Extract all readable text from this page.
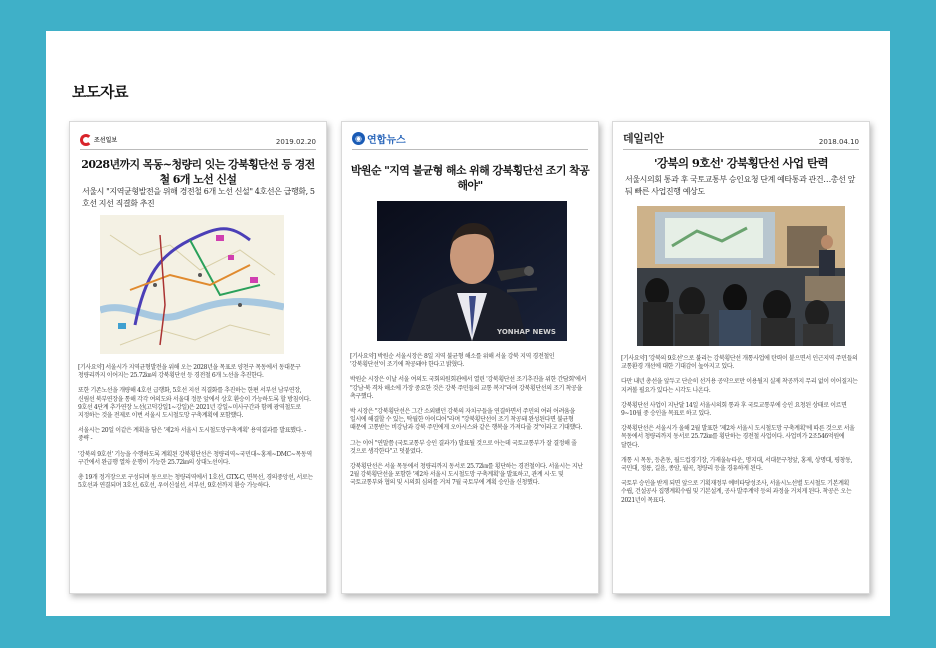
보도자료
조선일보	2019.02.20
2028년까지 목동~청량리 잇는 강북횡단선 등 경전철 6개 노선 신설
서울시 "지역균형발전을 위해 경전철 6개 노선 신설" 4호선은 급행화, 5호선 지선 직결화 추진

[기사요약] 서울시가 지역균형발전을 위해 오는 2028년을 목표로 양천구 목동에서 동대문구 청량리까지 이어지는 25.72㎞의 강북횡단선 등 경전철 6개 노선을 추진한다.

또한 기존노선을 개량해 4호선 급행화, 5호선 지선 직결화를 추진하는 한편 서부선 남부연장, 신림선 북부연장을 통해 각각 여의도와 서울대 정문 앞에서 상호 환승이 가능하도록 할 방침이다. 9호선 4단계 추가연장 노선(고덕강일1~강일)은 2021년 강일~미사구간과 함께 광역철도로 지정하는 것을 전제로 이번 서울시 도시철도망 구축계획에 포함했다.

서울시는 20일 이같은 계획을 담은 '제2차 서울시 도시철도망구축계획' 용역결과를 발표했다. - 중략 -

'강북의 9호선' 기능을 수행하도록 계획된 강북횡단선은 청량리역~국민대~홍제~DMC~목동역 구간에서 완급행 열차 운행이 가능한 25.72㎞의 상대노선이다.

총 19개 정거장으로 구성되며 동으로는 청량리역에서 1호선, GTX-C, 면목선, 경의중앙선, 서로는 5호선과 연결되며 3호선, 6호선, 우이신설선, 서부선, 9호선까지 환승 가능하다.

◉ 연합뉴스
박원순 "지역 불균형 해소 위해 강북횡단선 조기 착공해야"
YONHAP NEWS

[기사요약] 박원순 서울시장은 8일 지역 불균형 해소를 위해 서울 강북 지역 경전철인 '강북횡단선'이 조기에 착공돼야 한다고 밝혔다.

박원순 시장은 이날 서울 여의도 국회의원회관에서 열린 '강북횡단선 조기추진을 위한 간담회'에서 "강남·북 격차 해소에 가장 중요한 것은 강북 주민들의 교통 복지"라며 강북횡단선의 조기 착공을 촉구했다.

박 시장은 "강북횡단선은 그간 소외됐던 강북의 자치구들을 연결하면서 주민의 여러 어려움을 일시에 해결할 수 있는, 탁월한 아이디어"라며 "강북횡단선이 조기 착공돼 완성된다면 불균형 때문에 고통받는 비강남과 강북 주민에게 오아시스와 같은 행복을 가져다줄 것"이라고 기대했다.

그는 이어 "연말쯤 (국토교통부 승인 결과가) 발표될 것으로 아는데 국토교통부가 잘 결정해 줄 것으로 생각한다"고 덧붙였다.

강북횡단선은 서울 목동에서 청량리까지 동서로 25.72㎞를 횡단하는 경전철이다. 서울시는 지난 2월 강북횡단선을 포함한 '제2차 서울시 도시철도망 구축계획'을 발표하고, 관계 시·도 및 국토교통부와 협의 및 시의회 심의를 거쳐 7월 국토부에 계획 승인을 신청했다.

데일리안	2018.04.10
'강북의 9호선' 강북횡단선 사업 탄력
서울시의회 통과 후 국토교통부 승인요청 단계 예타통과 관건…총선 앞둬 빠른 사업진행 예상도

[기사요약] '강북의 9호선'으로 불리는 강북횡단선 개통사업에 탄력이 붙으면서 인근지역 주민들의 교통환경 개선에 대한 기대감이 높아지고 있다.

다만 내년 총선을 앞두고 단순히 선거용 공약으로만 이용될지 실제 착공까지 무리 없이 이어질지는 지켜볼 필요가 있다는 시각도 나온다.

강북횡단선 사업이 지난달 14일 서울시의회 통과 후 국토교통부에 승인 요청된 상태로 이르면 9~10월 중 승인을 목표로 하고 있다.

강북횡단선은 서울시가 올해 2월 발표한 '제2차 서울시 도시철도망 구축계획'에 따른 것으로 서울 목동에서 청량리까지 동서로 25.72㎞를 횡단하는 경전철 사업이다. 사업비가 2조546억원에 달한다.

개통 시 목동, 등촌동, 월드컵경기장, 가재울뉴타운, 명지대, 서대문구청앞, 홍제, 상명대, 평창동, 국민대, 정릉, 길음, 종암, 월곡, 청량리 등을 경유하게 된다.

국토부 승인을 받게 되면 앞으로 기획재정부 예비타당성조사, 서울시노선별 도시철도 기본계획 수립, 건설공사 집행계획수립 및 기본설계, 공사 발주계약 등의 과정을 거치게 된다. 착공은 오는 2021년이 목표다.
